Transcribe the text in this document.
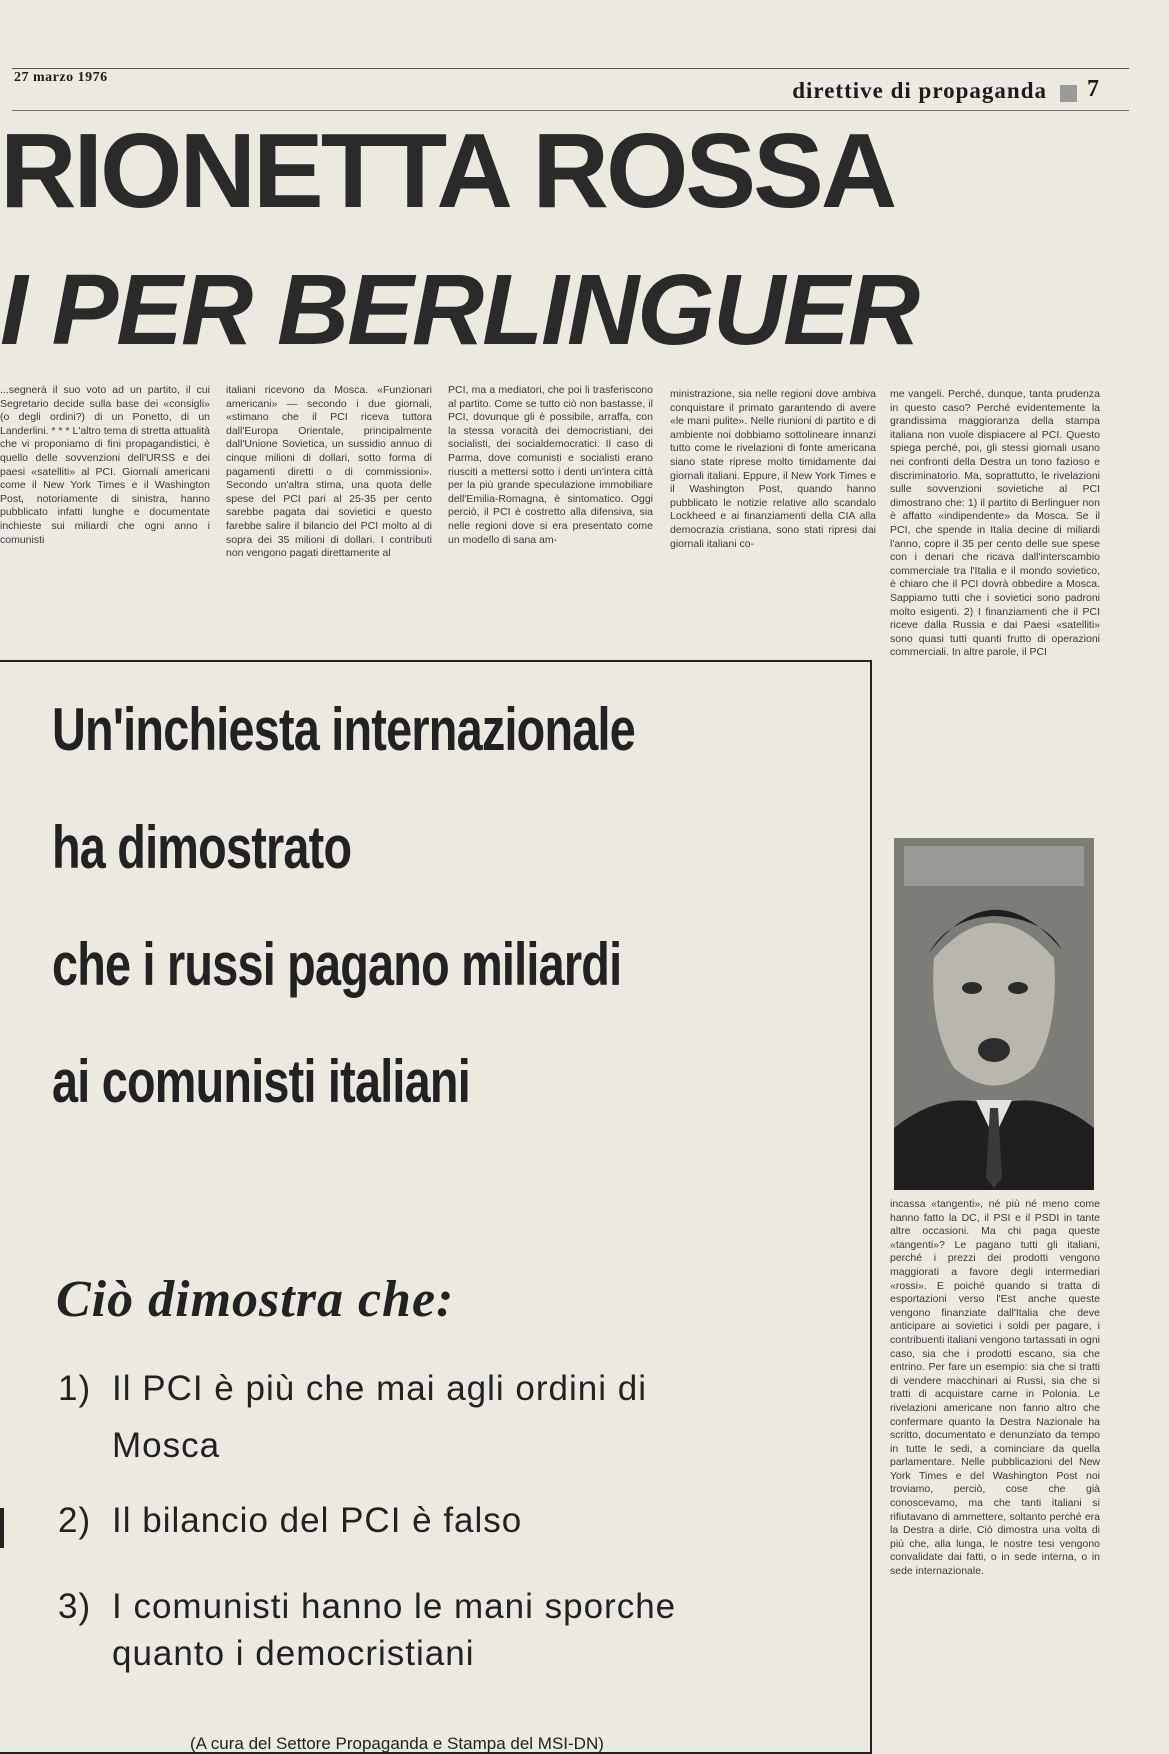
27 marzo 1976
direttive di propaganda 7
RIONETTA ROSSA
I PER BERLINGUER
...segnerà il suo voto ad un partito, il cui Segretario decide sulla base dei «consigli» (o degli ordini?) di un Ponetto, di un Landerlini. * * * L'altro tema di stretta attualità che vi proponiamo di fini propagandistici, è quello delle sovvenzioni dell'URSS e dei paesi «satelliti» al PCI. Giornali americani come il New York Times e il Washington Post, notoriamente di sinistra, hanno pubblicato infatti lunghe e documentate inchieste sui miliardi che ogni anno i comunisti
italiani ricevono da Mosca. «Funzionari americani» — secondo i due giornali, «stimano che il PCI riceva tuttora dall'Europa Orientale, principalmente dall'Unione Sovietica, un sussidio annuo di cinque milioni di dollari, sotto forma di pagamenti diretti o di commissioni». Secondo un'altra stima, una quota delle spese del PCI pari al 25-35 per cento sarebbe pagata dai sovietici e questo farebbe salire il bilancio del PCI molto al di sopra dei 35 milioni di dollari. I contributi non vengono pagati direttamente al
PCI, ma a mediatori, che poi li trasferiscono al partito. Come se tutto ciò non bastasse, il PCI, dovunque gli è possibile, arraffa, con la stessa voracità dei democristiani, dei socialisti, dei socialdemocratici. Il caso di Parma, dove comunisti e socialisti erano riusciti a mettersi sotto i denti un'intera città per la più grande speculazione immobiliare dell'Emilia-Romagna, è sintomatico. Oggi perciò, il PCI è costretto alla difensiva, sia nelle regioni dove si era presentato come un modello di sana am-
ministrazione, sia nelle regioni dove ambiva conquistare il primato garantendo di avere «le mani pulite». Nelle riunioni di partito e di ambiente noi dobbiamo sottolineare innanzi tutto come le rivelazioni di fonte americana siano state riprese molto timidamente dai giornali italiani. Eppure, il New York Times e il Washington Post, quando hanno pubblicato le notizie relative allo scandalo Lockheed e ai finanziamenti della CIA alla democrazia cristiana, sono stati ripresi dai giornali italiani co-
me vangeli. Perché, dunque, tanta prudenza in questo caso? Perché evidentemente la grandissima maggioranza della stampa italiana non vuole dispiacere al PCI. Questo spiega perché, poi, gli stessi giornali usano nei confronti della Destra un tono fazioso e discriminatorio. Ma, soprattutto, le rivelazioni sulle sovvenzioni sovietiche al PCI dimostrano che: 1) il partito di Berlinguer non è affatto «indipendente» da Mosca. Se il PCI, che spende in Italia decine di miliardi l'anno, copre il 35 per cento delle sue spese con i denari che ricava dall'interscambio commerciale tra l'Italia e il mondo sovietico, è chiaro che il PCI dovrà obbedire a Mosca. Sappiamo tutti che i sovietici sono padroni molto esigenti. 2) I finanziamenti che il PCI riceve dalla Russia e dai Paesi «satelliti» sono quasi tutti quanti frutto di operazioni commerciali. In altre parole, il PCI
incassa «tangenti», né più né meno come hanno fatto la DC, il PSI e il PSDI in tante altre occasioni. Ma chi paga queste «tangenti»? Le pagano tutti gli italiani, perché i prezzi dei prodotti vengono maggiorati a favore degli intermediari «rossi». E poiché quando si tratta di esportazioni verso l'Est anche queste vengono finanziate dall'Italia che deve anticipare ai sovietici i soldi per pagare, i contribuenti italiani vengono tartassati in ogni caso, sia che i prodotti escano, sia che entrino. Per fare un esempio: sia che si tratti di vendere macchinari ai Russi, sia che si tratti di acquistare carne in Polonia. Le rivelazioni americane non fanno altro che confermare quanto la Destra Nazionale ha scritto, documentato e denunziato da tempo in tutte le sedi, a cominciare da quella parlamentare. Nelle pubblicazioni del New York Times e del Washington Post noi troviamo, perciò, cose che già conoscevamo, ma che tanti italiani si rifiutavano di ammettere, soltanto perché era la Destra a dirle. Ciò dimostra una volta di più che, alla lunga, le nostre tesi vengono convalidate dai fatti, o in sede interna, o in sede internazionale.
Un'inchiesta internazionale
ha dimostrato
che i russi pagano miliardi
ai comunisti italiani
Ciò dimostra che:
1) Il PCI è più che mai agli ordini di
Mosca
2) Il bilancio del PCI è falso
3) I comunisti hanno le mani sporche
quanto i democristiani
(A cura del Settore Propaganda e Stampa del MSI-DN)
